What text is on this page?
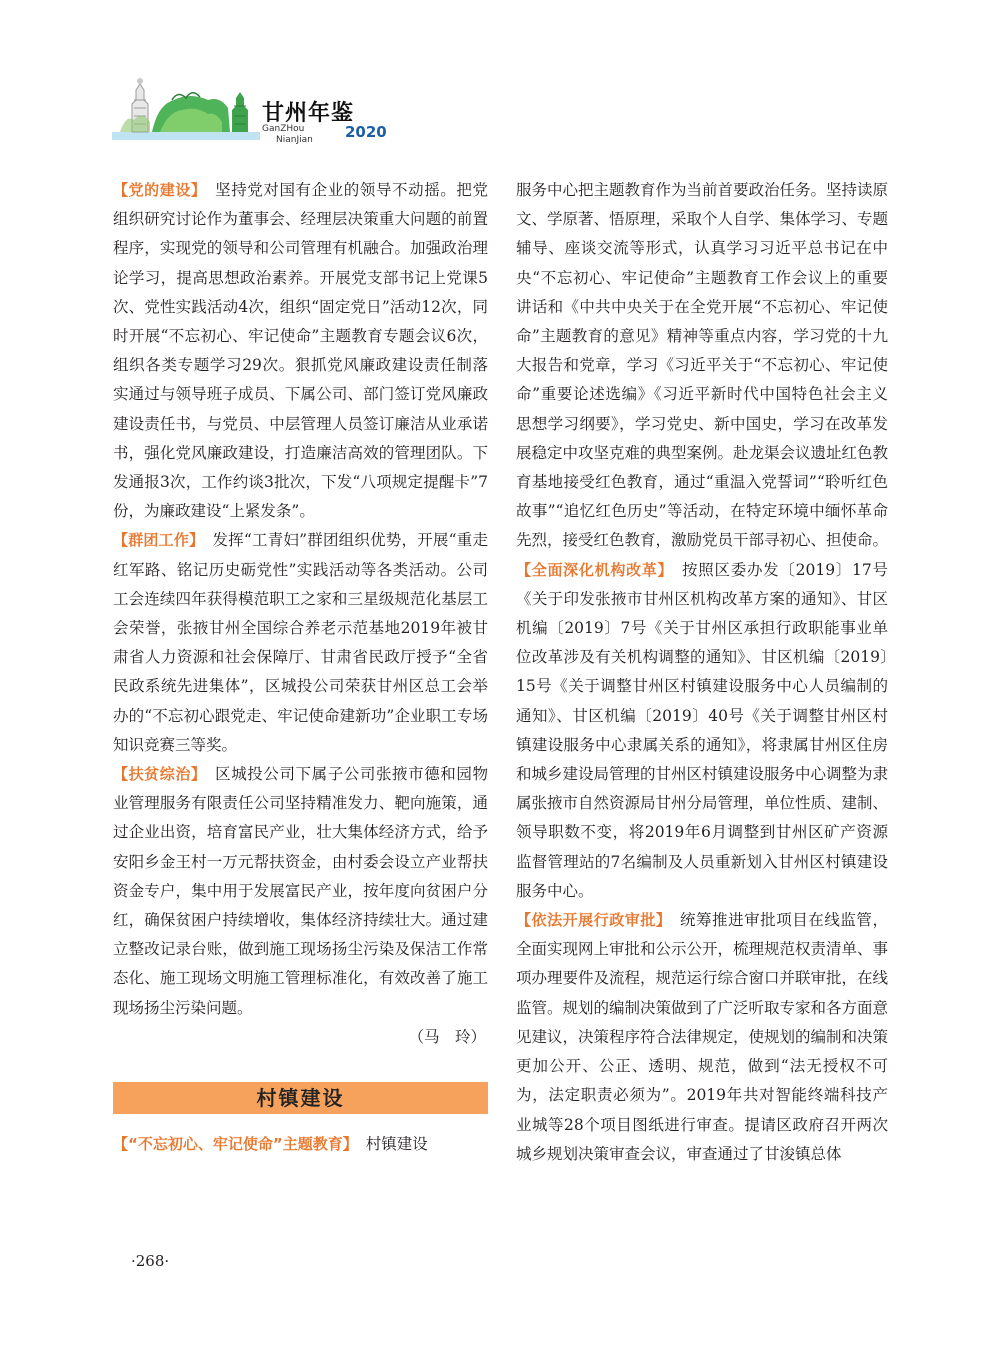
甘州年鉴
GanZHou
NianJian 2020

【党的建设】　 坚持党对国有企业的领导不动摇。把党组织研究讨论作为董事会、经理层决策重大问题的前置程序，实现党的领导和公司管理有机融合。加强政治理论学习，提高思想政治素养。开展党支部书记上党课5次、党性实践活动4次，组织“固定党日”活动12次，同时开展“不忘初心、牢记使命”主题教育专题会议6次，组织各类专题学习29次。狠抓党风廉政建设责任制落实通过与领导班子成员、下属公司、部门签订党风廉政建设责任书，与党员、中层管理人员签订廉洁从业承诺书，强化党风廉政建设，打造廉洁高效的管理团队。下发通报3次，工作约谈3批次，下发“八项规定提醒卡”7份，为廉政建设“上紧发条”。

【群团工作】　 发挥“工青妇”群团组织优势，开展“重走红军路、铭记历史砺党性”实践活动等各类活动。公司工会连续四年获得模范职工之家和三星级规范化基层工会荣誉，张掖甘州全国综合养老示范基地2019年被甘肃省人力资源和社会保障厅、甘肃省民政厅授予“全省民政系统先进集体”，区城投公司荣获甘州区总工会举办的“不忘初心跟党走、牢记使命建新功”企业职工专场知识竞赛三等奖。

【扶贫综治】　 区城投公司下属子公司张掖市德和园物业管理服务有限责任公司坚持精准发力、靶向施策，通过企业出资，培育富民产业，壮大集体经济方式，给予安阳乡金王村一万元帮扶资金，由村委会设立产业帮扶资金专户，集中用于发展富民产业，按年度向贫困户分红，确保贫困户持续增收，集体经济持续壮大。通过建立整改记录台账，做到施工现场扬尘污染及保洁工作常态化、施工现场文明施工管理标准化，有效改善了施工现场扬尘污染问题。

（马　玲）

村镇建设

【“不忘初心、牢记使命”主题教育】　 村镇建设

服务中心把主题教育作为当前首要政治任务。坚持读原文、学原著、悟原理，采取个人自学、集体学习、专题辅导、座谈交流等形式，认真学习习近平总书记在中央“不忘初心、牢记使命”主题教育工作会议上的重要讲话和《中共中央关于在全党开展“不忘初心、牢记使命”主题教育的意见》精神等重点内容，学习党的十九大报告和党章，学习《习近平关于“不忘初心、牢记使命”重要论述选编》《习近平新时代中国特色社会主义思想学习纲要》，学习党史、新中国史，学习在改革发展稳定中攻坚克难的典型案例。赴龙渠会议遗址红色教育基地接受红色教育，通过“重温入党誓词”“聆听红色故事”“追忆红色历史”等活动，在特定环境中缅怀革命先烈，接受红色教育，激励党员干部寻初心、担使命。

【全面深化机构改革】　 按照区委办发〔2019〕17号《关于印发张掖市甘州区机构改革方案的通知》、甘区机编〔2019〕7号《关于甘州区承担行政职能事业单位改革涉及有关机构调整的通知》、甘区机编〔2019〕15号《关于调整甘州区村镇建设服务中心人员编制的通知》、甘区机编〔2019〕40号《关于调整甘州区村镇建设服务中心隶属关系的通知》，将隶属甘州区住房和城乡建设局管理的甘州区村镇建设服务中心调整为隶属张掖市自然资源局甘州分局管理，单位性质、建制、领导职数不变，将2019年6月调整到甘州区矿产资源监督管理站的7名编制及人员重新划入甘州区村镇建设服务中心。

【依法开展行政审批】　 统筹推进审批项目在线监管，全面实现网上审批和公示公开，梳理规范权责清单、事项办理要件及流程，规范运行综合窗口并联审批，在线监管。规划的编制决策做到了广泛听取专家和各方面意见建议，决策程序符合法律规定，使规划的编制和决策更加公开、公正、透明、规范，做到“法无授权不可为，法定职责必须为”。2019年共对智能终端科技产业城等28个项目图纸进行审查。提请区政府召开两次城乡规划决策审查会议，审查通过了甘浚镇总体

·268·
